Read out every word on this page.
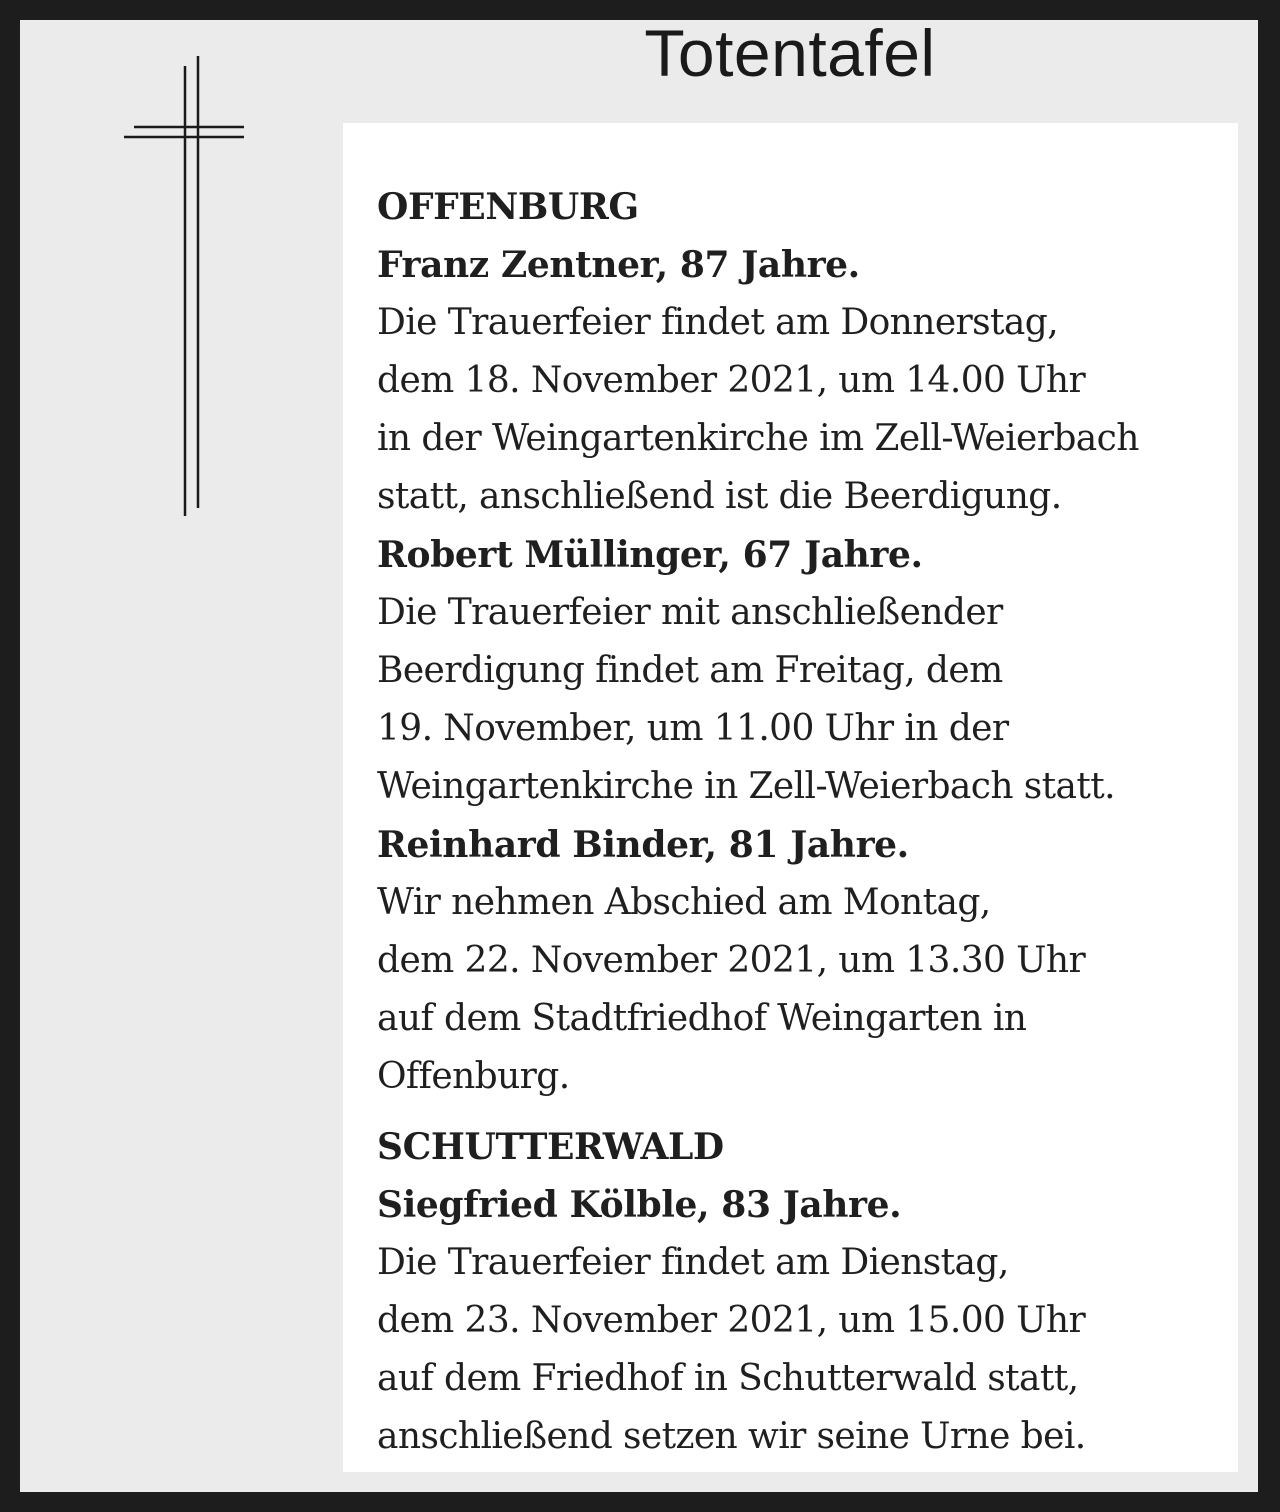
Totentafel
OFFENBURG
Franz Zentner, 87 Jahre.
Die Trauerfeier findet am Donnerstag,
dem 18. November 2021, um 14.00 Uhr
in der Weingartenkirche im Zell-Weierbach
statt, anschließend ist die Beerdigung.
Robert Müllinger, 67 Jahre.
Die Trauerfeier mit anschließender
Beerdigung findet am Freitag, dem
19. November, um 11.00 Uhr in der
Weingartenkirche in Zell-Weierbach statt.
Reinhard Binder, 81 Jahre.
Wir nehmen Abschied am Montag,
dem 22. November 2021, um 13.30 Uhr
auf dem Stadtfriedhof Weingarten in
Offenburg.
SCHUTTERWALD
Siegfried Kölble, 83 Jahre.
Die Trauerfeier findet am Dienstag,
dem 23. November 2021, um 15.00 Uhr
auf dem Friedhof in Schutterwald statt,
anschließend setzen wir seine Urne bei.
